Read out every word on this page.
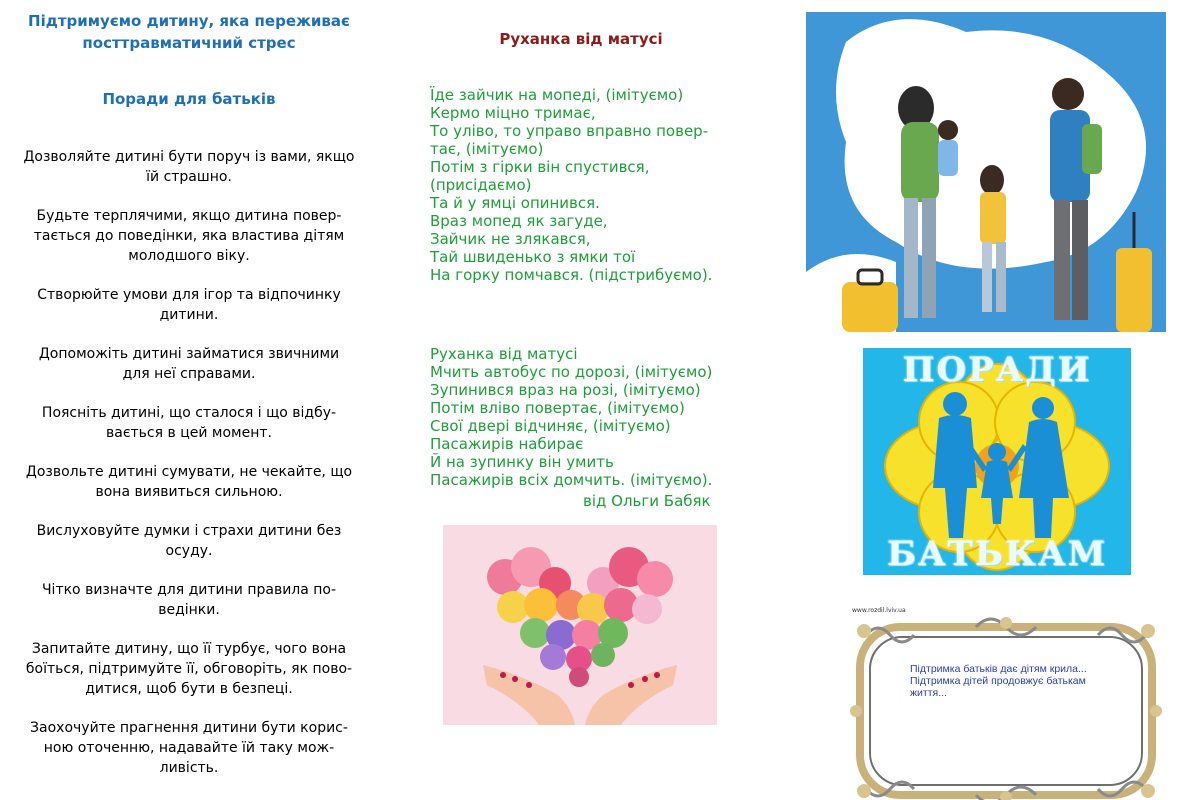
Підтримуємо дитину, яка переживає
посттравматичний стрес
Поради для батьків

Дозволяйте дитині бути поруч із вами, якщо
їй страшно.

Будьте терплячими, якщо дитина повер-
тається до поведінки, яка властива дітям
молодшого віку.

Створюйте умови для ігор та відпочинку
дитини.

Допоможіть дитині займатися звичними
для неї справами.

Поясніть дитині, що сталося і що відбу-
вається в цей момент.

Дозвольте дитині сумувати, не чекайте, що
вона виявиться сильною.

Вислуховуйте думки і страхи дитини без
осуду.

Чітко визначте для дитини правила по-
ведінки.

Запитайте дитину, що її турбує, чого вона
боїться, підтримуйте її, обговоріть, як пово-
дитися, щоб бути в безпеці.

Заохочуйте прагнення дитини бути корис-
ною оточенню, надавайте їй таку мож-
ливість.

Руханка від матусі

Їде зайчик на мопеді, (імітуємо)
Кермо міцно тримає,
То уліво, то управо вправно повер-
тає, (імітуємо)
Потім з гірки він спустився,
(присідаємо)
Та й у ямці опинився.
Враз мопед як загуде,
Зайчик не злякався,
Тай швиденько з ямки тої
На горку помчався. (підстрибуємо).

Руханка від матусі
Мчить автобус по дорозі, (імітуємо)
Зупинився враз на розі, (імітуємо)
Потім вліво повертає, (імітуємо)
Свої двері відчиняє, (імітуємо)
Пасажирів набирає
Й на зупинку він умить
Пасажирів всіх домчить. (імітуємо).

від Ольги Бабяк

ПОРАДИ
БАТЬКАМ
www.rozdil.lviv.ua
Підтримка батьків дає дітям крила...
Підтримка дітей продовжує батькам
життя...
